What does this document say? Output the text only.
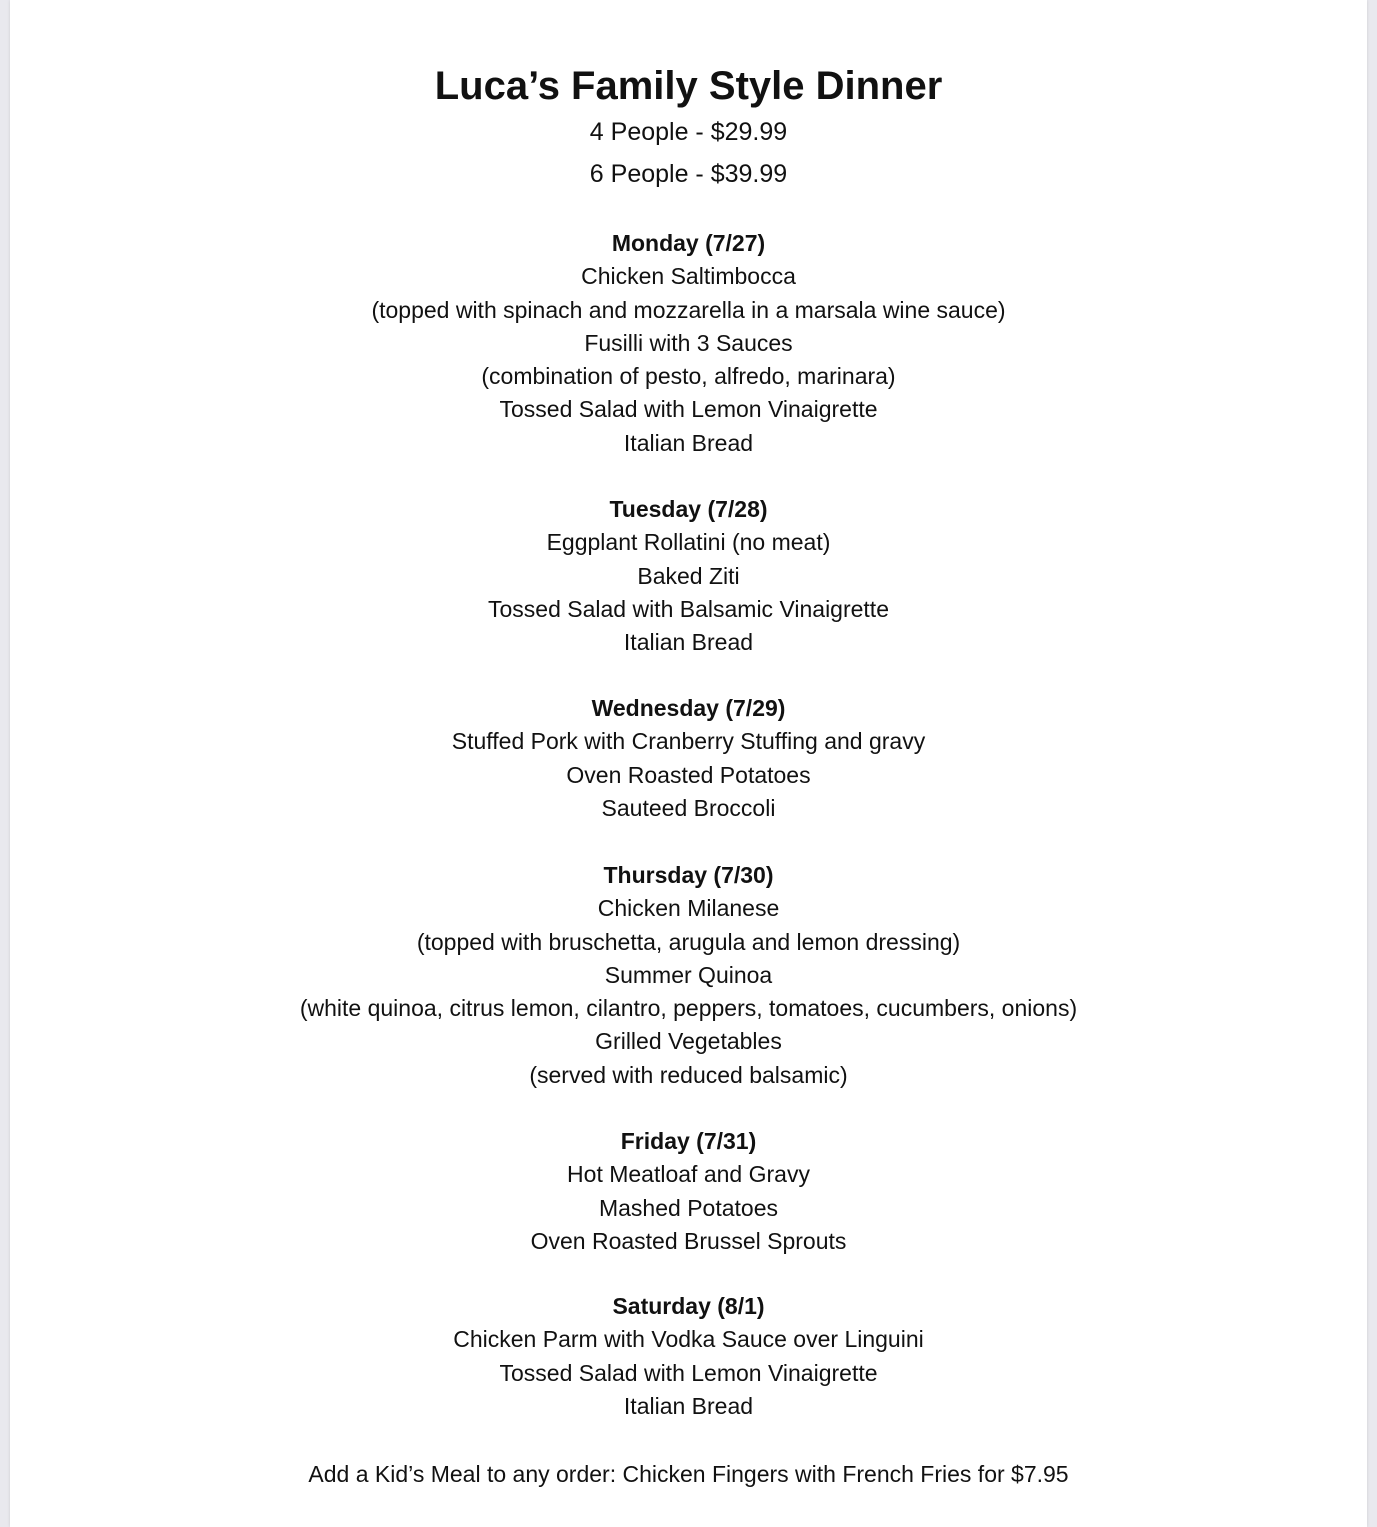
Luca’s Family Style Dinner
4 People - $29.99
6 People - $39.99
Monday (7/27)
Chicken Saltimbocca
(topped with spinach and mozzarella in a marsala wine sauce)
Fusilli with 3 Sauces
(combination of pesto, alfredo, marinara)
Tossed Salad with Lemon Vinaigrette
Italian Bread
Tuesday (7/28)
Eggplant Rollatini (no meat)
Baked Ziti
Tossed Salad with Balsamic Vinaigrette
Italian Bread
Wednesday (7/29)
Stuffed Pork with Cranberry Stuffing and gravy
Oven Roasted Potatoes
Sauteed Broccoli
Thursday (7/30)
Chicken Milanese
(topped with bruschetta, arugula and lemon dressing)
Summer Quinoa
(white quinoa, citrus lemon, cilantro, peppers, tomatoes, cucumbers, onions)
Grilled Vegetables
(served with reduced balsamic)
Friday (7/31)
Hot Meatloaf and Gravy
Mashed Potatoes
Oven Roasted Brussel Sprouts
Saturday (8/1)
Chicken Parm with Vodka Sauce over Linguini
Tossed Salad with Lemon Vinaigrette
Italian Bread
Add a Kid’s Meal to any order: Chicken Fingers with French Fries for $7.95
